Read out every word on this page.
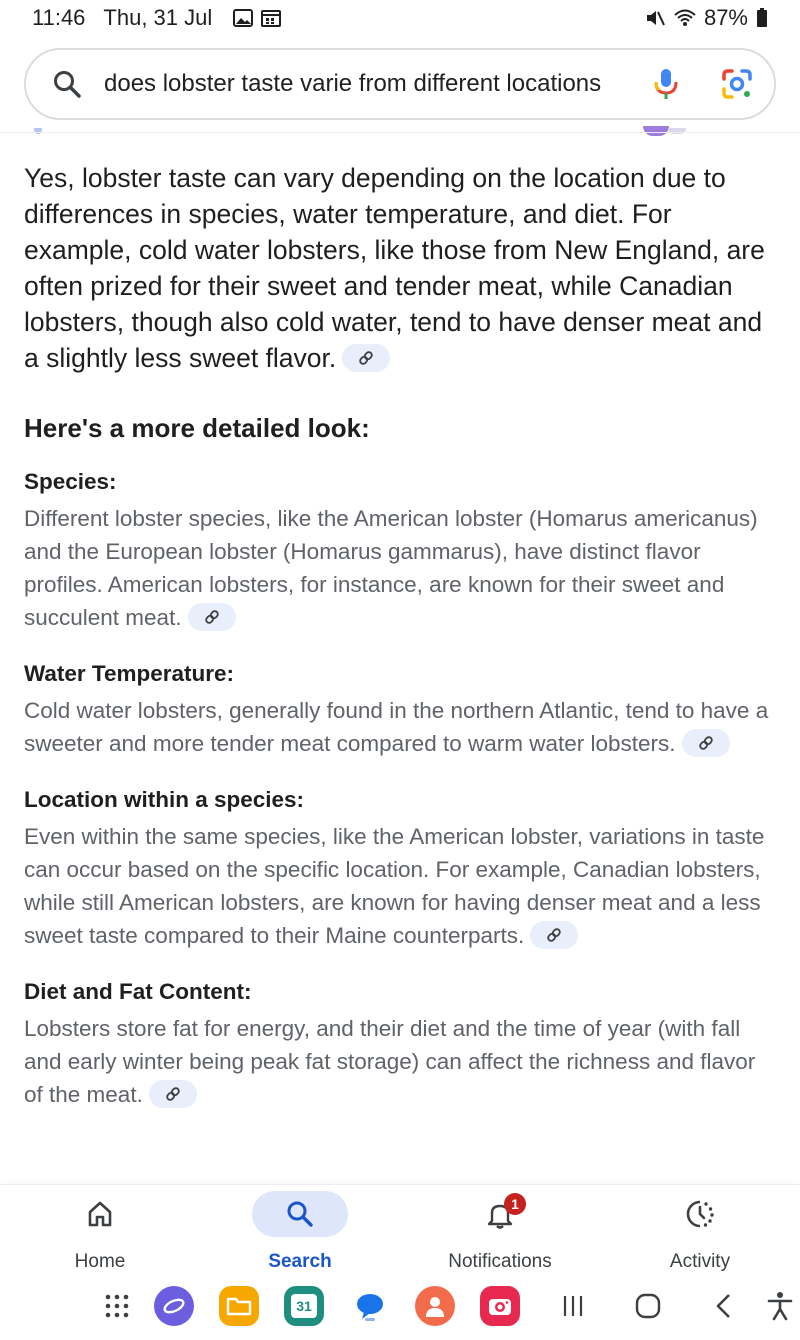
11:46 Thu, 31 Jul	87%
does lobster taste varie from different locations

Yes, lobster taste can vary depending on the location due to differences in species, water temperature, and diet. For example, cold water lobsters, like those from New England, are often prized for their sweet and tender meat, while Canadian lobsters, though also cold water, tend to have denser meat and a slightly less sweet flavor.

Here's a more detailed look:
Species:

Different lobster species, like the American lobster (Homarus americanus) and the European lobster (Homarus gammarus), have distinct flavor profiles. American lobsters, for instance, are known for their sweet and succulent meat.

Water Temperature:

Cold water lobsters, generally found in the northern Atlantic, tend to have a sweeter and more tender meat compared to warm water lobsters.

Location within a species:

Even within the same species, like the American lobster, variations in taste can occur based on the specific location. For example, Canadian lobsters, while still American lobsters, are known for having denser meat and a less sweet taste compared to their Maine counterparts.

Diet and Fat Content:

Lobsters store fat for energy, and their diet and the time of year (with fall and early winter being peak fat storage) can affect the richness and flavor of the meat.

Home	Search
1
Notifications	Activity
31
